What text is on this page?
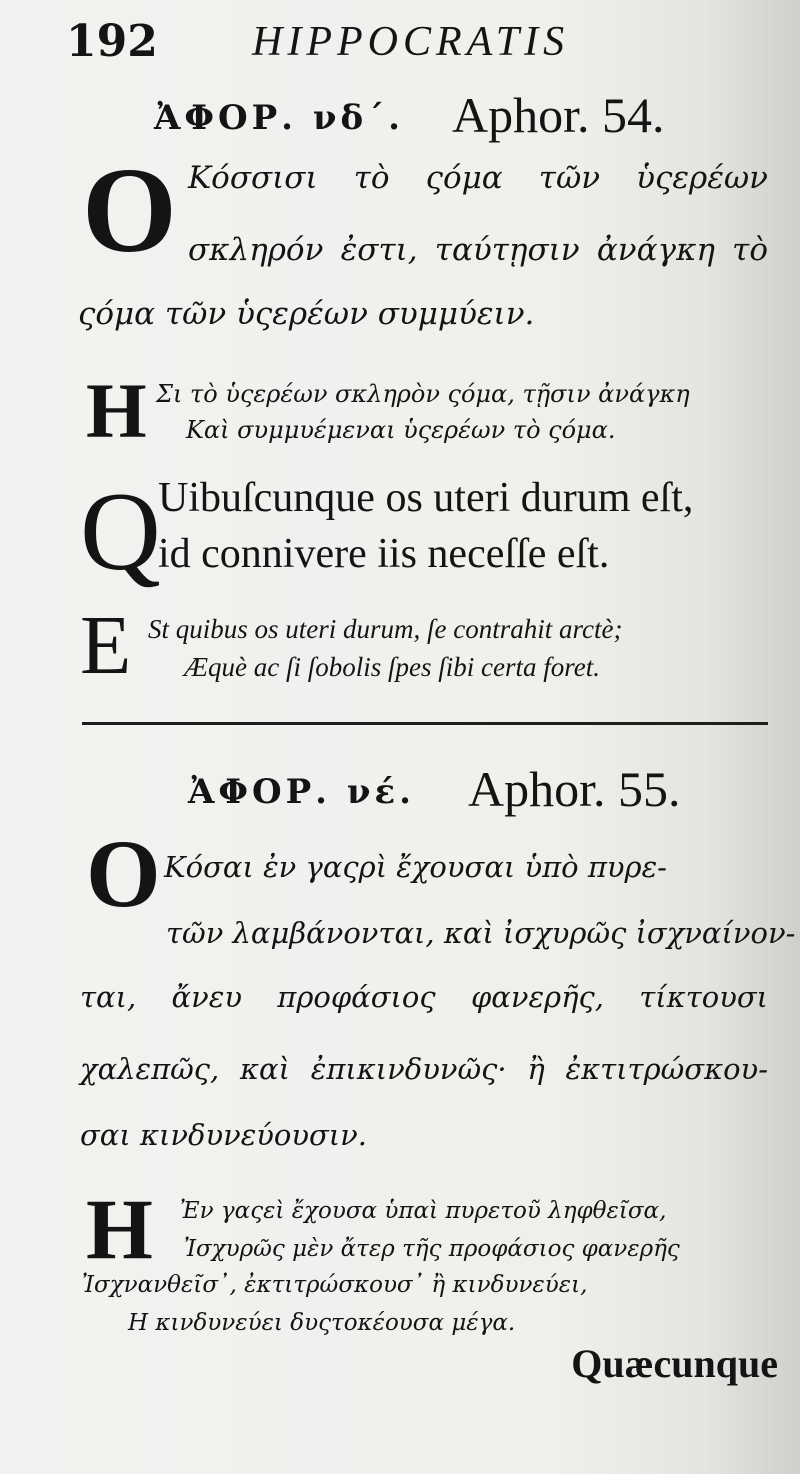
192 HIPPOCRATIS
ἈΦΟΡ. νδ΄. Aphor. 54.
O Κόσσισι τὸ ςόμα τῶν ὑςερέων
σκληρόν ἐστι, ταύτῃσιν ἀνάγκη τὸ
ςόμα τῶν ὑςερέων συμμύειν.
H Σι τὸ ὑςερέων σκληρὸν ςόμα, τῇσιν ἀνάγκη
Καὶ συμμυέμεναι ὑςερέων τὸ ςόμα.
Q
Uibuſcunque os uteri durum eſt,
id connivere iis neceſſe eſt.
E St quibus os uteri durum, ſe contrahit arctè;
Æquè ac ſi ſobolis ſpes ſibi certa foret.
ἈΦΟΡ. νέ. Aphor. 55.
O Κόσαι ἐν γαςρὶ ἔχουσαι ὑπὸ πυρε-
τῶν λαμβάνονται, καὶ ἰσχυρῶς ἰσχναίνον-
ται, ἄνευ προφάσιος φανερῆς, τίκτουσι
χαλεπῶς, καὶ ἐπικινδυνῶς· ἢ ἐκτιτρώσκου-
σαι κινδυνεύουσιν.
H Ἐν γαςεὶ ἔχουσα ὑπαὶ πυρετοῦ ληφθεῖσα,
Ἰσχυρῶς μὲν ἄτερ τῆς προφάσιος φανερῆς
Ἰσχνανθεῖσ᾽, ἐκτιτρώσκουσ᾽ ἢ κινδυνεύει,
Η κινδυνεύει δυςτοκέουσα μέγα.
Quæcunque
